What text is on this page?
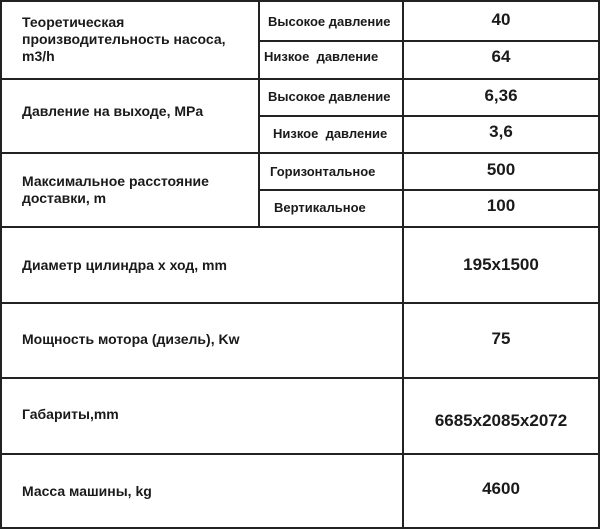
Теоретическая производительность насоса, m3/h
Высокое давление	40
Низкое  давление	64
Давление на выходе, MPa
Высокое давление	6,36
Низкое  давление	3,6
Максимальное расстояние доставки, m
Горизонтальное	500
Вертикальное	100
Диаметр цилиндра х ход, mm	195x1500
Мощность мотора (дизель), Kw	75
Габариты,mm	6685x2085x2072
Масса машины, kg	4600
